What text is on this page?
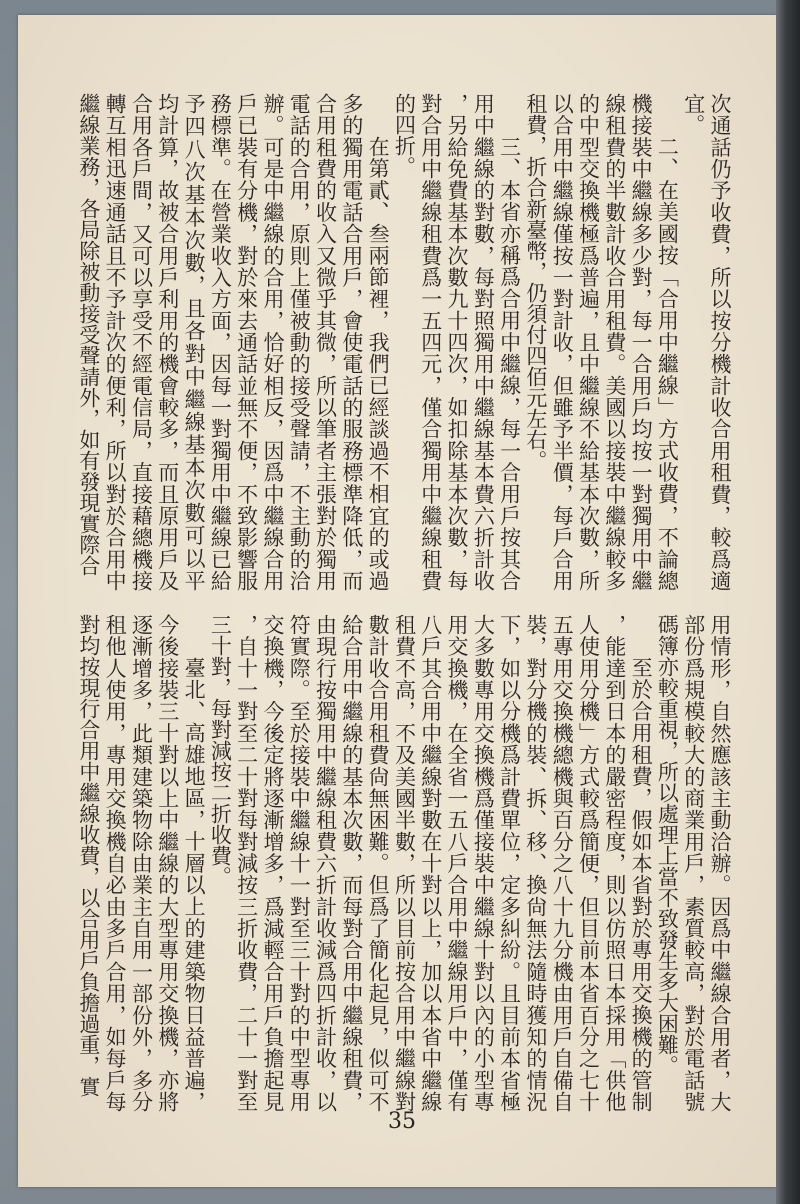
次通話仍予收費，所以按分機計收合用租費，較爲適
宜。
二、在美國按「合用中繼線」方式收費，不論總
機接裝中繼線多少對，每一合用戶均按一對獨用中繼
線租費的半數計收合用租費。美國以接裝中繼線較多
的中型交換機極爲普遍，且中繼線不給基本次數，所
以合用中繼線僅按一對計收，但雖予半價，每戶合用
租費，折合新臺幣，仍須付四佰元左右。
三、本省亦稱爲合用中繼線，每一合用戶按其合
用中繼線的對數，每對照獨用中繼線基本費六折計收
，另給免費基本次數九十四次，如扣除基本次數，每
對合用中繼線租費爲一五四元，僅合獨用中繼線租費
的四折。
在第貳、叁兩節裡，我們已經談過不相宜的或過
多的獨用電話合用戶，會使電話的服務標準降低，而
合用租費的收入又微乎其微，所以筆者主張對於獨用
電話的合用，原則上僅被動的接受聲請，不主動的洽
辦。可是中繼線的合用，恰好相反，因爲中繼線合用
戶已裝有分機，對於來去通話並無不便，不致影響服
務標準。在營業收入方面，因每一對獨用中繼線已給
予四八次基本次數，且各對中繼線基本次數可以平
均計算，故被合用戶利用的機會較多，而且原用戶及
合用各戶間，又可以享受不經電信局，直接藉總機接
轉互相迅速通話且不予計次的便利，所以對於合用中
繼線業務，各局除被動接受聲請外，如有發現實際合
用情形，自然應該主動洽辦。因爲中繼線合用者，大
部份爲規模較大的商業用戶，素質較高，對於電話號
碼簿亦較重視，所以處理上當不致發生多大困難。
至於合用租費，假如本省對於專用交換機的管制
，能達到日本的嚴密程度，則以仿照日本採用「供他
人使用分機」方式較爲簡便，但目前本省百分之七十
五專用交換機總機與百分之八十九分機由用戶自備自
裝，對分機的裝、拆、移、換尙無法隨時獲知的情況
下，如以分機爲計費單位，定多糾紛。且目前本省極
大多數專用交換機爲僅接裝中繼線十對以內的小型專
用交換機，在全省一五八戶合用中繼線用戶中，僅有
八戶其合用中繼線對數在十對以上，加以本省中繼線
租費不高，不及美國半數，所以目前按合用中繼線對
數計收合用租費尙無困難。但爲了簡化起見，似可不
給合用中繼線的基本次數，而每對合用中繼線租費，
由現行按獨用中繼線租費六折計收減爲四折計收，以
符實際。至於接裝中繼線十一對至三十對的中型專用
交換機，今後定將逐漸增多，爲減輕合用戶負擔起見
，自十一對至二十對每對減按三折收費，二十一對至
三十對，每對減按二折收費。
臺北、高雄地區，十層以上的建築物日益普遍，
今後接裝三十對以上中繼線的大型專用交換機，亦將
逐漸增多，此類建築物除由業主自用一部份外，多分
租他人使用，專用交換機自必由多戶合用，如每戶每
對均按現行合用中繼線收費，以合用戶負擔過重，實
35
